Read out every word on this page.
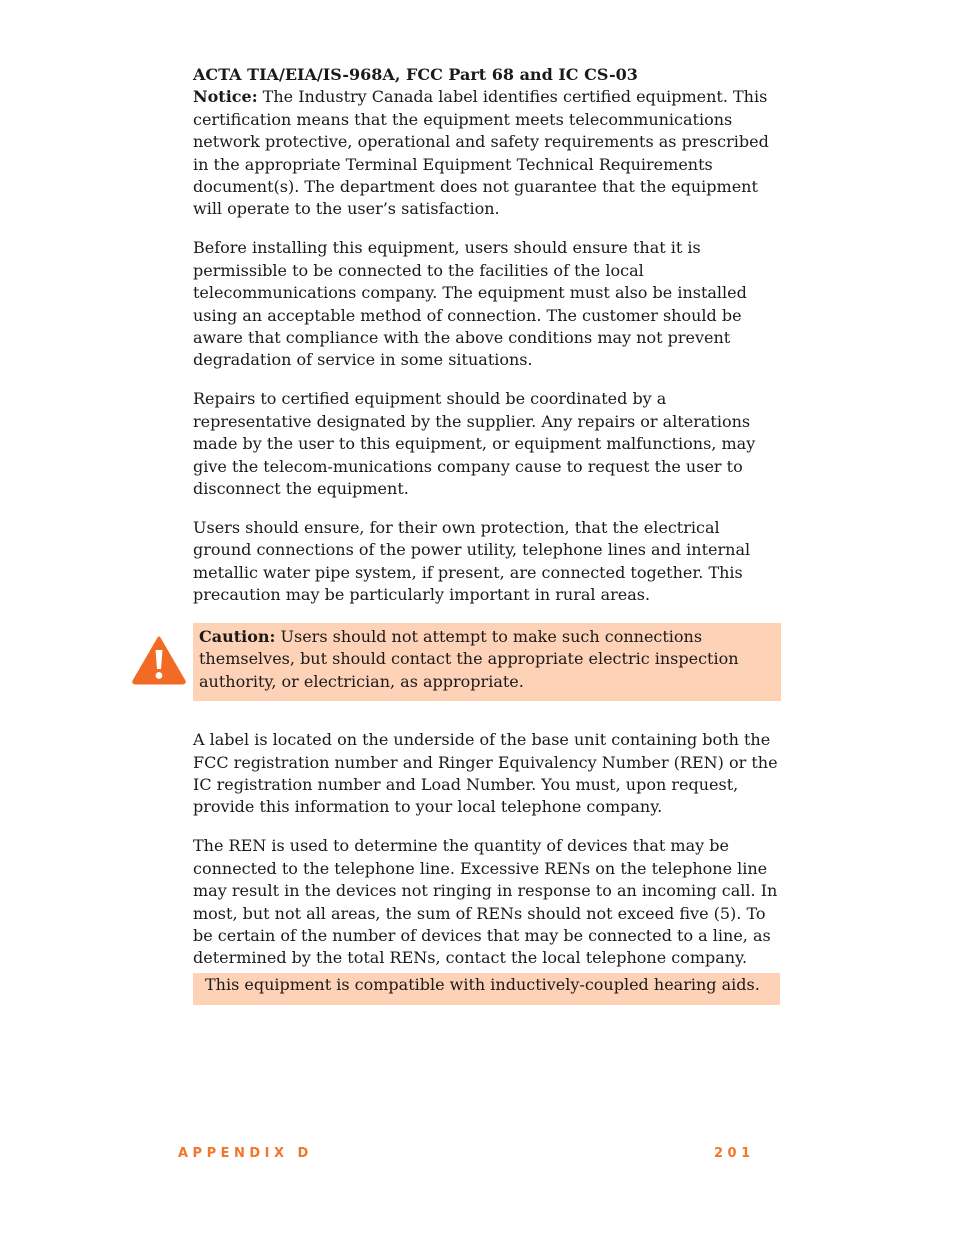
ACTA TIA/EIA/IS-968A, FCC Part 68 and IC CS-03

Notice: The Industry Canada label identifies certified equipment. This certification means that the equipment meets telecommunications network protective, operational and safety requirements as prescribed in the appropriate Terminal Equipment Technical Requirements document(s). The department does not guarantee that the equipment will operate to the user’s satisfaction.

Before installing this equipment, users should ensure that it is permissible to be connected to the facilities of the local telecommunications company. The equipment must also be installed using an acceptable method of connection. The customer should be aware that compliance with the above conditions may not prevent degradation of service in some situations.

Repairs to certified equipment should be coordinated by a representative designated by the supplier. Any repairs or alterations made by the user to this equipment, or equipment malfunctions, may give the telecom-munications company cause to request the user to disconnect the equipment.

Users should ensure, for their own protection, that the electrical ground connections of the power utility, telephone lines and internal metallic water pipe system, if present, are connected together. This precaution may be particularly important in rural areas.

Caution: Users should not attempt to make such connections themselves, but should contact the appropriate electric inspection authority, or electrician, as appropriate.

A label is located on the underside of the base unit containing both the FCC registration number and Ringer Equivalency Number (REN) or the IC registration number and Load Number. You must, upon request, provide this information to your local telephone company.

The REN is used to determine the quantity of devices that may be connected to the telephone line. Excessive RENs on the telephone line may result in the devices not ringing in response to an incoming call. In most, but not all areas, the sum of RENs should not exceed five (5). To be certain of the number of devices that may be connected to a line, as determined by the total RENs, contact the local telephone company.

This equipment is compatible with inductively-coupled hearing aids.
APPENDIX D	201
